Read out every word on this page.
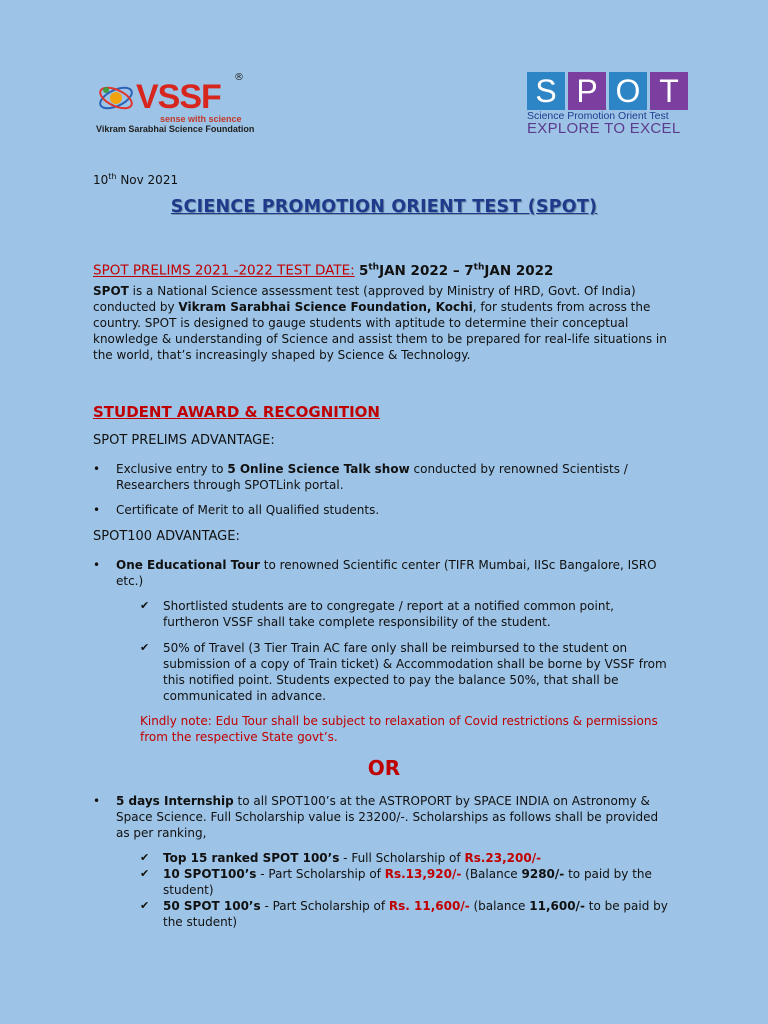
VSSF
®
sense with science
Vikram Sarabhai Science Foundation
S P O T
Science Promotion Orient Test
EXPLORE TO EXCEL
10th Nov 2021
SCIENCE PROMOTION ORIENT TEST (SPOT)
SPOT PRELIMS 2021 -2022 TEST DATE: 5thJAN 2022 – 7thJAN 2022
SPOT is a National Science assessment test (approved by Ministry of HRD, Govt. Of India)
conducted by Vikram Sarabhai Science Foundation, Kochi, for students from across the
country. SPOT is designed to gauge students with aptitude to determine their conceptual
knowledge & understanding of Science and assist them to be prepared for real-life situations in
the world, that’s increasingly shaped by Science & Technology.
STUDENT AWARD & RECOGNITION
SPOT PRELIMS ADVANTAGE:
• Exclusive entry to 5 Online Science Talk show conducted by renowned Scientists /
Researchers through SPOTLink portal.
• Certificate of Merit to all Qualified students.
SPOT100 ADVANTAGE:
• One Educational Tour to renowned Scientific center (TIFR Mumbai, IISc Bangalore, ISRO
etc.)
✔ Shortlisted students are to congregate / report at a notified common point,
furtheron VSSF shall take complete responsibility of the student.
✔ 50% of Travel (3 Tier Train AC fare only shall be reimbursed to the student on
submission of a copy of Train ticket) & Accommodation shall be borne by VSSF from
this notified point. Students expected to pay the balance 50%, that shall be
communicated in advance.
Kindly note: Edu Tour shall be subject to relaxation of Covid restrictions & permissions
from the respective State govt’s.
OR
• 5 days Internship to all SPOT100’s at the ASTROPORT by SPACE INDIA on Astronomy &
Space Science. Full Scholarship value is 23200/-. Scholarships as follows shall be provided
as per ranking,
✔ Top 15 ranked SPOT 100’s - Full Scholarship of Rs.23,200/-
✔ 10 SPOT100’s - Part Scholarship of Rs.13,920/- (Balance 9280/- to paid by the
student)
✔ 50 SPOT 100’s - Part Scholarship of Rs. 11,600/- (balance 11,600/- to be paid by
the student)
